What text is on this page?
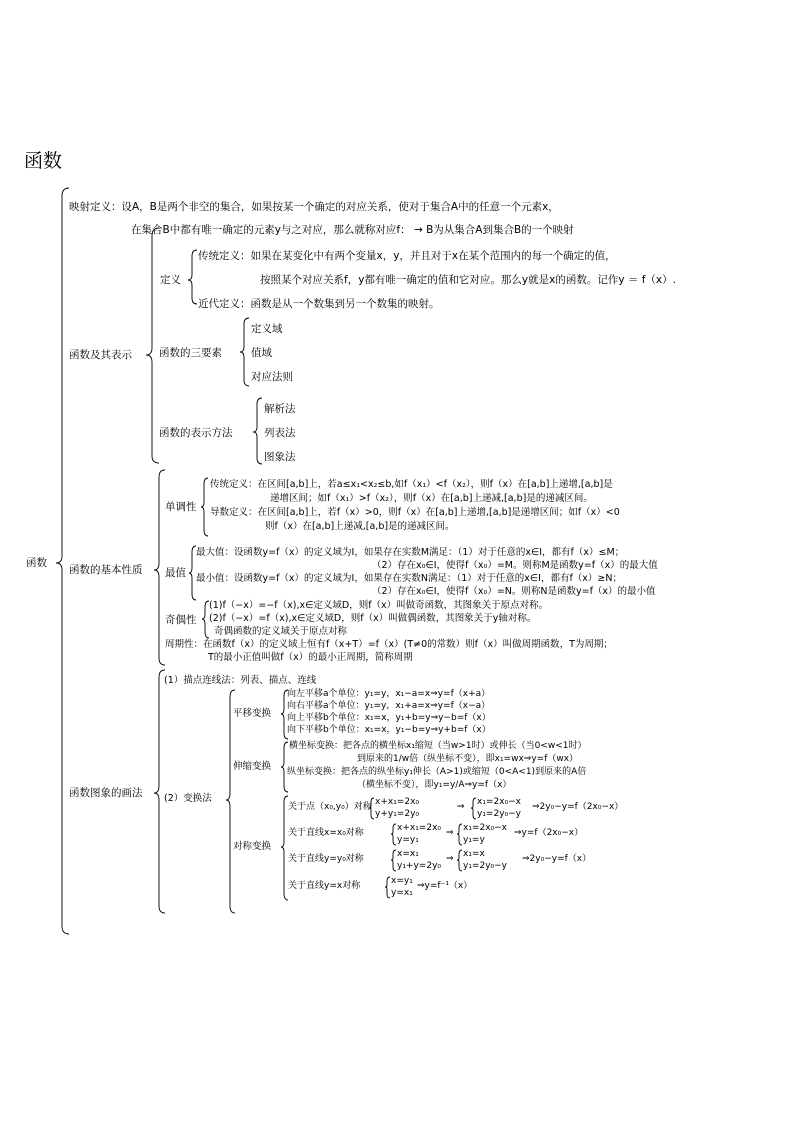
函数
函数
映射定义：设A，B是两个非空的集合，如果按某一个确定的对应关系，使对于集合A中的任意一个元素x，
在集合B中都有唯一确定的元素y与之对应，那么就称对应f： → B为从集合A到集合B的一个映射
函数及其表示
定义
传统定义：如果在某变化中有两个变量x，y，并且对于x在某个范围内的每一个确定的值，
按照某个对应关系f，y都有唯一确定的值和它对应。那么y就是x的函数。记作y ＝ f（x）.
近代定义：函数是从一个数集到另一个数集的映射。
函数的三要素
定义域
值域
对应法则
函数的表示方法
解析法
列表法
图象法
函数的基本性质
单调性
传统定义：在区间[a,b]上，若a≤x₁<x₂≤b,如f（x₁）<f（x₂），则f（x）在[a,b]上递增,[a,b]是
递增区间；如f（x₁）>f（x₂），则f（x）在[a,b]上递减,[a,b]是的递减区间。
导数定义：在区间[a,b]上，若f（x）>0，则f（x）在[a,b]上递增,[a,b]是递增区间；如f（x）<0
则f（x）在[a,b]上递减,[a,b]是的递减区间。
最值
最大值：设函数y=f（x）的定义域为I，如果存在实数M满足：（1）对于任意的x∈I，都有f（x）≤M；
（2）存在x₀∈I，使得f（x₀）=M。则称M是函数y=f（x）的最大值
最小值：设函数y=f（x）的定义域为I，如果存在实数N满足：（1）对于任意的x∈I，都有f（x）≥N；
（2）存在x₀∈I，使得f（x₀）=N。则称N是函数y=f（x）的最小值
奇偶性
(1)f（−x）=−f（x),x∈定义域D，则f（x）叫做奇函数，其图象关于原点对称。
(2)f（−x）=f（x),x∈定义域D，则f（x）叫做偶函数，其图象关于y轴对称。
奇偶函数的定义域关于原点对称
周期性：在函数f（x）的定义域上恒有f（x+T）=f（x）(T≠0的常数）则f（x）叫做周期函数，T为周期；
T的最小正值叫做f（x）的最小正周期，简称周期
函数图象的画法
(1）描点连线法：列表、描点、连线
(2）变换法
平移变换
向左平移a个单位：y₁=y，x₁−a=x⇒y=f（x+a）
向右平移a个单位：y₁=y，x₁+a=x⇒y=f（x−a）
向上平移b个单位：x₁=x，y₁+b=y⇒y−b=f（x）
向下平移b个单位：x₁=x，y₁−b=y⇒y+b=f（x）
伸缩变换
横坐标变换：把各点的横坐标x₁缩短（当w>1时）或伸长（当0<w<1时）
到原来的1/w倍（纵坐标不变），即x₁=wx⇒y=f（wx）
纵坐标变换：把各点的纵坐标y₁伸长（A>1)或缩短（0<A<1)到原来的A倍
（横坐标不变），即y₁=y/A⇒y=f（x）
对称变换
关于点（x₀,y₀）对称 x+x₁=2x₀
y+y₁=2y₀
⇒ x₁=2x₀−x
y₁=2y₀−y
⇒2y₀−y=f（2x₀−x）
关于直线x=x₀对称	x+x₁=2x₀
y=y₁
⇒ x₁=2x₀−x
y₁=y
⇒y=f（2x₀−x）
关于直线y=y₀对称	x=x₁
y₁+y=2y₀
⇒ x₁=x
y₁=2y₀−y
⇒2y₀−y=f（x）
关于直线y=x对称	x=y₁
y=x₁
⇒y=f⁻¹（x）
